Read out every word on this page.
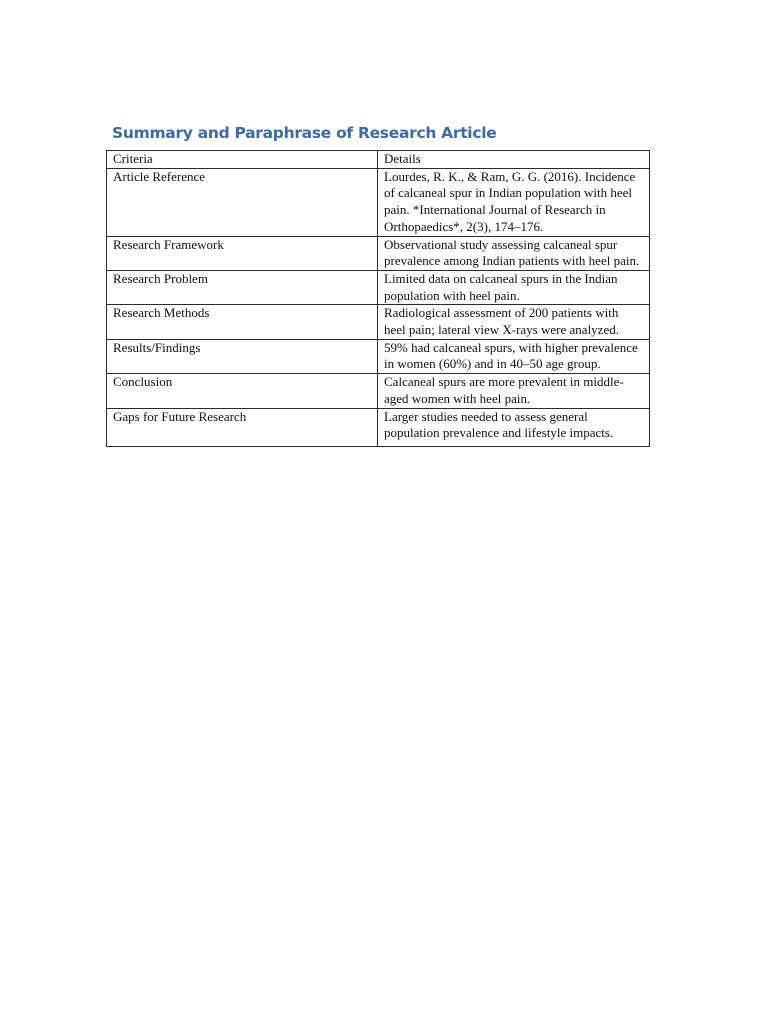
Summary and Paraphrase of Research Article
Criteria	Details
Article Reference	Lourdes, R. K., & Ram, G. G. (2016). Incidence of calcaneal spur in Indian population with heel pain. *International Journal of Research in Orthopaedics*, 2(3), 174–176.
Research Framework	Observational study assessing calcaneal spur prevalence among Indian patients with heel pain.
Research Problem	Limited data on calcaneal spurs in the Indian population with heel pain.
Research Methods	Radiological assessment of 200 patients with heel pain; lateral view X-rays were analyzed.
Results/Findings	59% had calcaneal spurs, with higher prevalence in women (60%) and in 40–50 age group.
Conclusion	Calcaneal spurs are more prevalent in middle-aged women with heel pain.
Gaps for Future Research	Larger studies needed to assess general population prevalence and lifestyle impacts.
